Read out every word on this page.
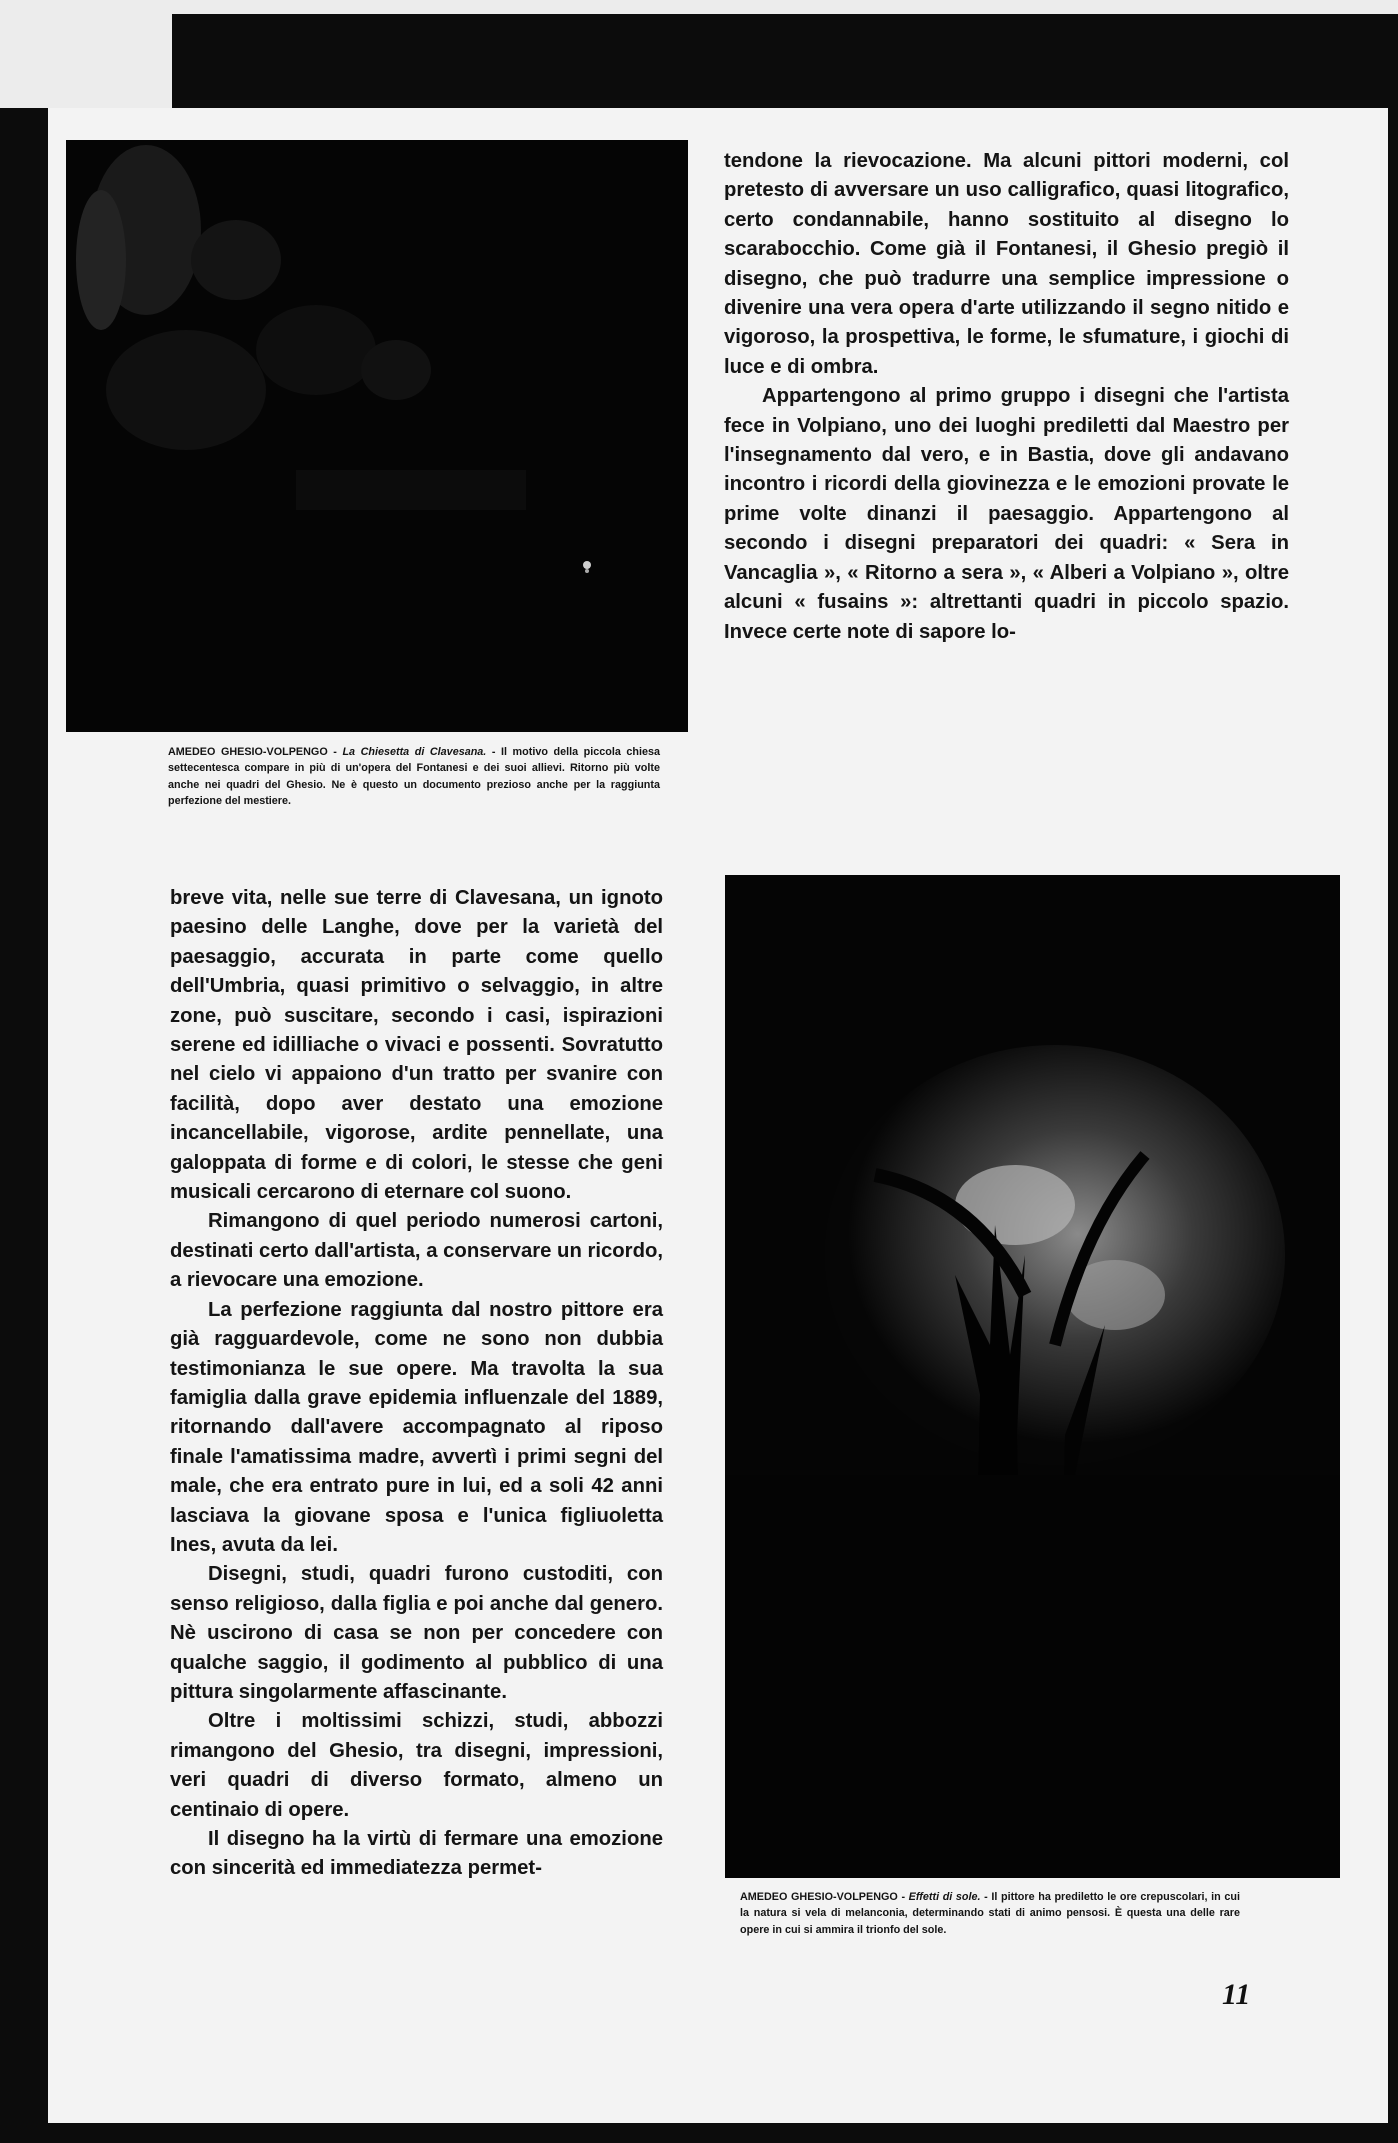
tendone la rievocazione. Ma alcuni pittori moderni, col pretesto di avversare un uso calligrafico, quasi litografico, certo condannabile, hanno sostituito al disegno lo scarabocchio. Come già il Fontanesi, il Ghesio pregiò il disegno, che può tradurre una semplice impressione o divenire una vera opera d'arte utilizzando il segno nitido e vigoroso, la prospettiva, le forme, le sfumature, i giochi di luce e di ombra.

Appartengono al primo gruppo i disegni che l'artista fece in Volpiano, uno dei luoghi prediletti dal Maestro per l'insegnamento dal vero, e in Bastia, dove gli andavano incontro i ricordi della giovinezza e le emozioni provate le prime volte dinanzi il paesaggio. Appartengono al secondo i disegni preparatori dei quadri: « Sera in Vancaglia », « Ritorno a sera », « Alberi a Volpiano », oltre alcuni « fusains »: altrettanti quadri in piccolo spazio. Invece certe note di sapore lo-

AMEDEO GHESIO-VOLPENGO - La Chiesetta di Clavesana. - Il motivo della piccola chiesa settecentesca compare in più di un'opera del Fontanesi e dei suoi allievi. Ritorno più volte anche nei quadri del Ghesio. Ne è questo un documento prezioso anche per la raggiunta perfezione del mestiere.

breve vita, nelle sue terre di Clavesana, un ignoto paesino delle Langhe, dove per la varietà del paesaggio, accurata in parte come quello dell'Umbria, quasi primitivo o selvaggio, in altre zone, può suscitare, secondo i casi, ispirazioni serene ed idilliache o vivaci e possenti. Sovratutto nel cielo vi appaiono d'un tratto per svanire con facilità, dopo aver destato una emozione incancellabile, vigorose, ardite pennellate, una galoppata di forme e di colori, le stesse che geni musicali cercarono di eternare col suono.

Rimangono di quel periodo numerosi cartoni, destinati certo dall'artista, a conservare un ricordo, a rievocare una emozione.

La perfezione raggiunta dal nostro pittore era già ragguardevole, come ne sono non dubbia testimonianza le sue opere. Ma travolta la sua famiglia dalla grave epidemia influenzale del 1889, ritornando dall'avere accompagnato al riposo finale l'amatissima madre, avvertì i primi segni del male, che era entrato pure in lui, ed a soli 42 anni lasciava la giovane sposa e l'unica figliuoletta Ines, avuta da lei.

Disegni, studi, quadri furono custoditi, con senso religioso, dalla figlia e poi anche dal genero. Nè uscirono di casa se non per concedere con qualche saggio, il godimento al pubblico di una pittura singolarmente affascinante.

Oltre i moltissimi schizzi, studi, abbozzi rimangono del Ghesio, tra disegni, impressioni, veri quadri di diverso formato, almeno un centinaio di opere.

Il disegno ha la virtù di fermare una emozione con sincerità ed immediatezza permet-

AMEDEO GHESIO-VOLPENGO - Effetti di sole. - Il pittore ha prediletto le ore crepuscolari, in cui la natura si vela di melanconia, determinando stati di animo pensosi. È questa una delle rare opere in cui si ammira il trionfo del sole.
11
